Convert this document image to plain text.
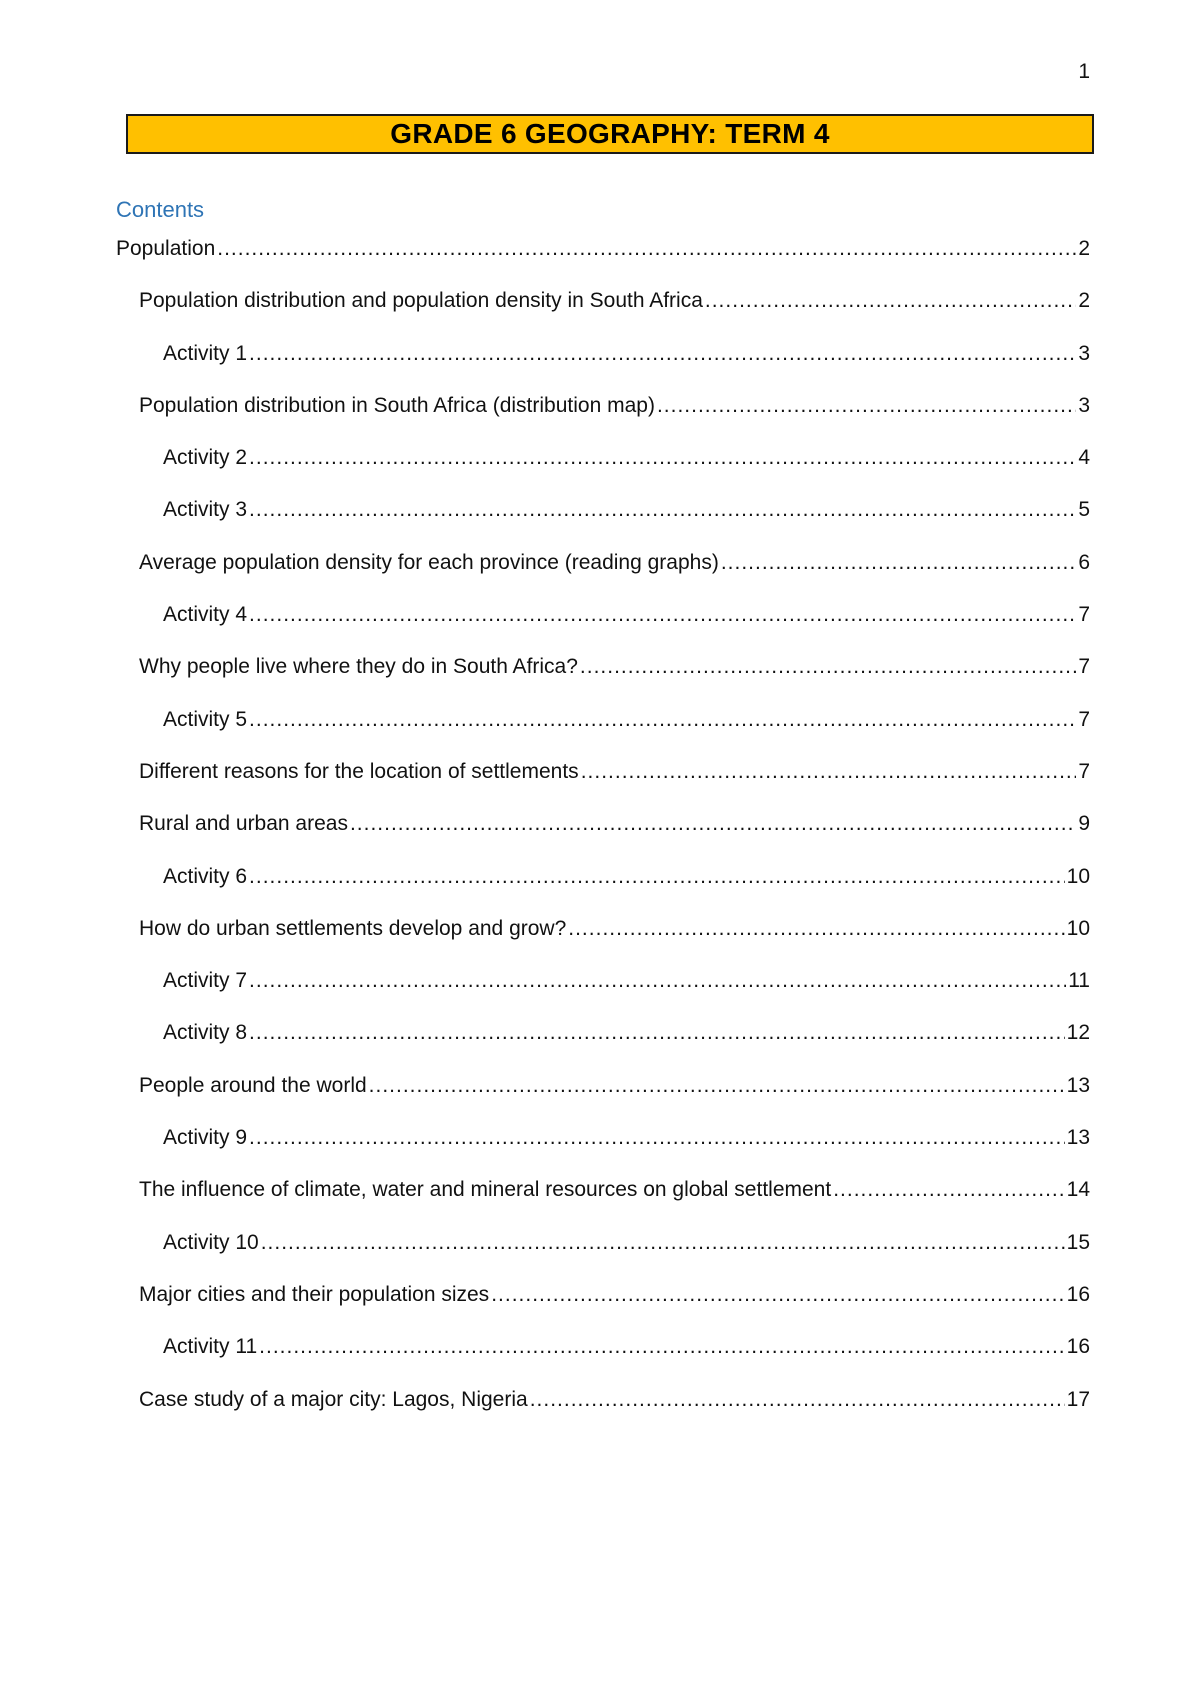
1
GRADE 6 GEOGRAPHY: TERM 4
Contents
Population .....	2
Population distribution and population density in South Africa .....	2
Activity 1 .....	3
Population distribution in South Africa (distribution map) .....	3
Activity 2 .....	4
Activity 3 .....	5
Average population density for each province (reading graphs) .....	6
Activity 4 .....	7
Why people live where they do in South Africa? .....	7
Activity 5 .....	7
Different reasons for the location of settlements .....	7
Rural and urban areas .....	9
Activity 6 .....	10
How do urban settlements develop and grow? .....	10
Activity 7 .....	11
Activity 8 .....	12
People around the world .....	13
Activity 9 .....	13
The influence of climate, water and mineral resources on global settlement .....	14
Activity 10 .....	15
Major cities and their population sizes .....	16
Activity 11 .....	16
Case study of a major city: Lagos, Nigeria .....	17
